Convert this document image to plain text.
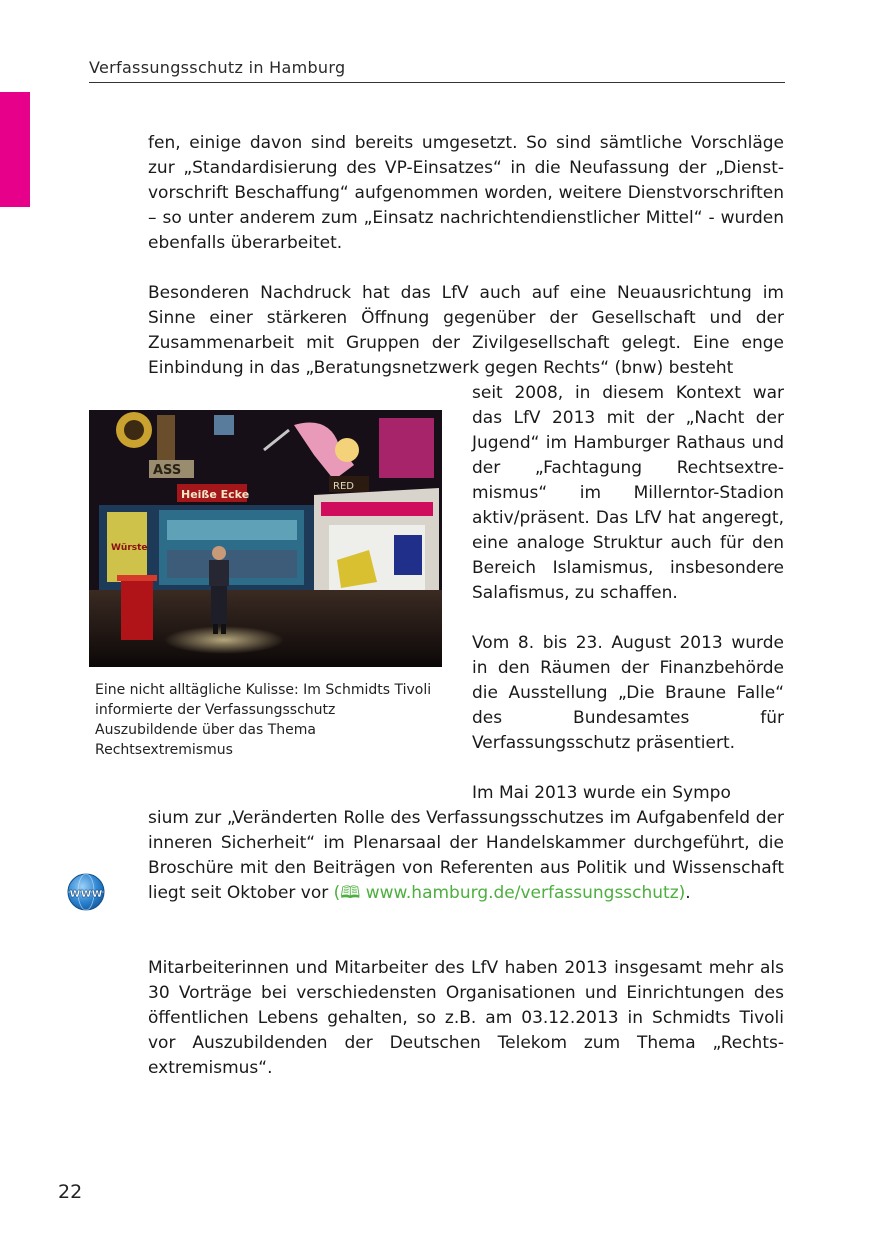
Verfassungsschutz in Hamburg

fen, einige davon sind bereits umgesetzt. So sind sämtliche Vorschläge zur „Standardisierung des VP-Einsatzes“ in die Neufassung der „Dienstvorschrift Beschaffung“ aufgenommen worden, weitere Dienstvorschriften – so unter anderem zum „Einsatz nachrichtendienstlicher Mittel“ - wurden ebenfalls überarbeitet.

Besonderen Nachdruck hat das LfV auch auf eine Neuausrichtung im Sinne einer stärkeren Öffnung gegenüber der Gesellschaft und der Zusammenarbeit mit Gruppen der Zivilgesellschaft gelegt. Eine enge Einbindung in das „Beratungsnetzwerk gegen Rechts“ (bnw) besteht

seit 2008, in diesem Kontext war das LfV 2013 mit der „Nacht der Jugend“ im Hamburger Rathaus und der „Fachtagung Rechtsextremismus“ im Millerntor-Stadion aktiv/präsent. Das LfV hat angeregt, eine analoge Struktur auch für den Bereich Islamismus, insbesondere Salafismus, zu schaffen.

ASS
RED
Heiße Ecke
Würste
Eine nicht alltägliche Kulisse: Im Schmidts Tivoli informierte der Verfassungsschutz Auszubildende über das Thema Rechtsextremismus

Vom 8. bis 23. August 2013 wurde in den Räumen der Finanzbehörde die Ausstellung „Die Braune Falle“ des Bundesamtes für Verfassungsschutz präsentiert.

Im Mai 2013 wurde ein Sympo

sium zur „Veränderten Rolle des Verfassungsschutzes im Aufgabenfeld der inneren Sicherheit“ im Plenarsaal der Handelskammer durchgeführt, die Broschüre mit den Beiträgen von Referenten aus Politik und Wissenschaft liegt seit Oktober vor (🕮 www.hamburg.de/verfassungsschutz).

www

Mitarbeiterinnen und Mitarbeiter des LfV haben 2013 insgesamt mehr als 30 Vorträge bei verschiedensten Organisationen und Einrichtungen des öffentlichen Lebens gehalten, so z.B. am 03.12.2013 in Schmidts Tivoli vor Auszubildenden der Deutschen Telekom zum Thema „Rechtsextremismus“.

22
